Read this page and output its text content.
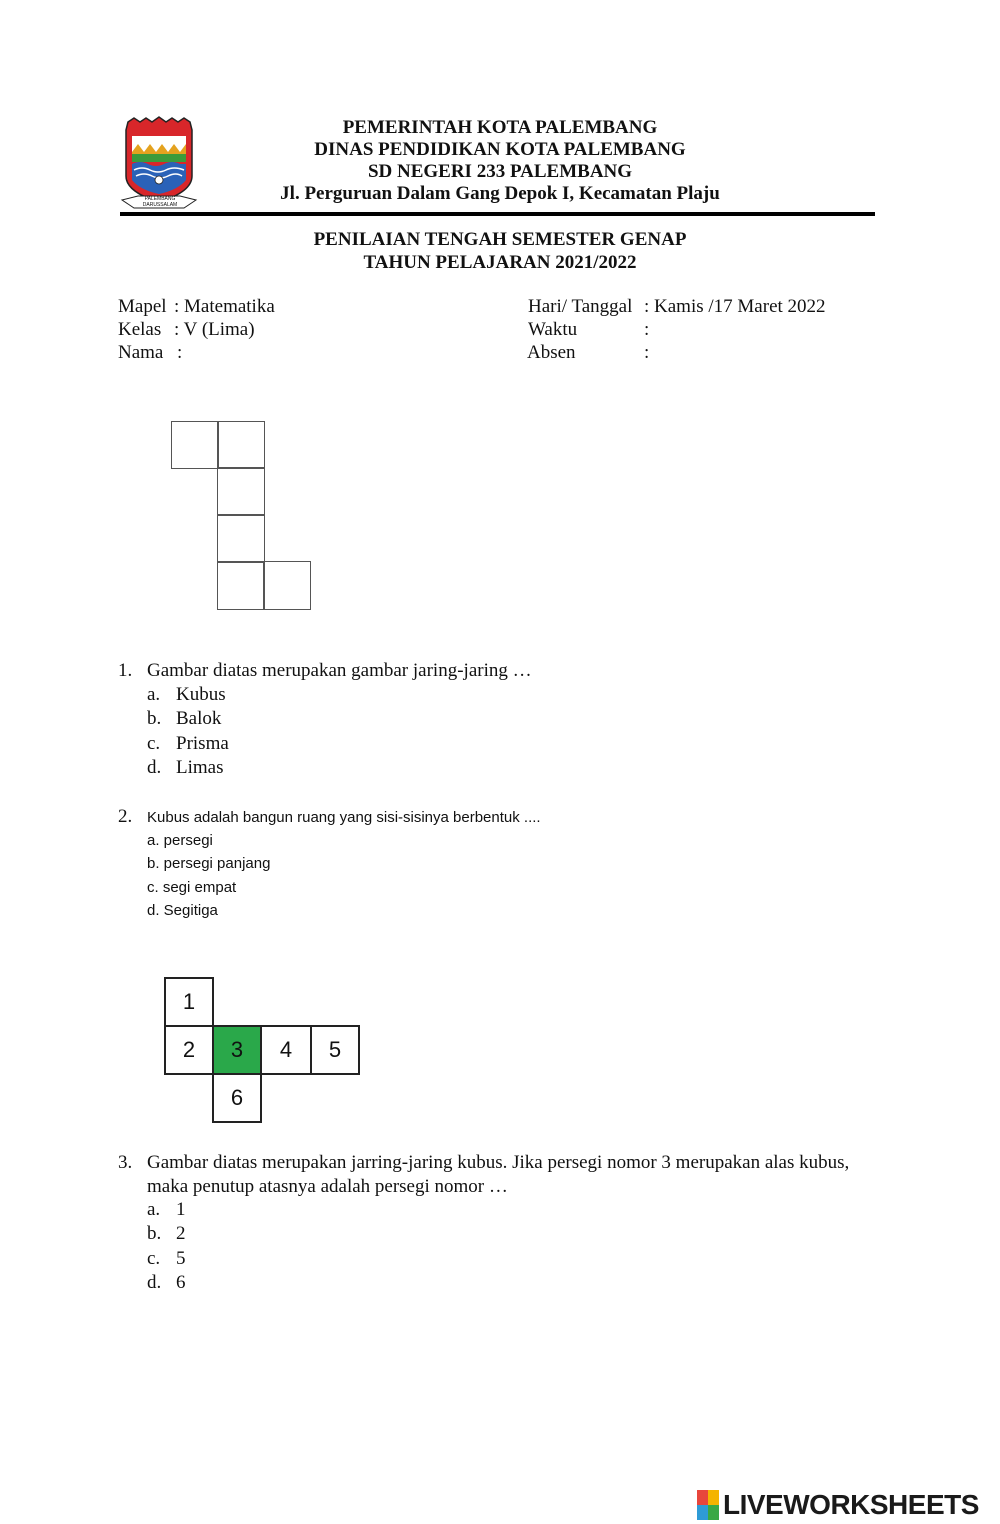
PALEMBANG DARUSSALAM
PEMERINTAH KOTA PALEMBANG
DINAS PENDIDIKAN KOTA PALEMBANG
SD NEGERI 233 PALEMBANG
Jl. Perguruan Dalam Gang Depok I, Kecamatan Plaju
PENILAIAN TENGAH SEMESTER GENAP
TAHUN PELAJARAN 2021/2022
Mapel : Matematika
Kelas : V (Lima)
Nama :
Hari/ Tanggal : Kamis /17 Maret 2022
Waktu	:
Absen	:
1. Gambar diatas merupakan gambar jaring-jaring …
a. Kubus
b. Balok
c. Prisma
d. Limas
2. Kubus adalah bangun ruang yang sisi-sisinya berbentuk ....
a. persegi
b. persegi panjang
c. segi empat
d. Segitiga
1
2	3	4	5
6
3. Gambar diatas merupakan jarring-jaring kubus. Jika persegi nomor 3 merupakan alas kubus,
maka penutup atasnya adalah persegi nomor …
a. 1
b. 2
c. 5
d. 6
LIVEWORKSHEETS
